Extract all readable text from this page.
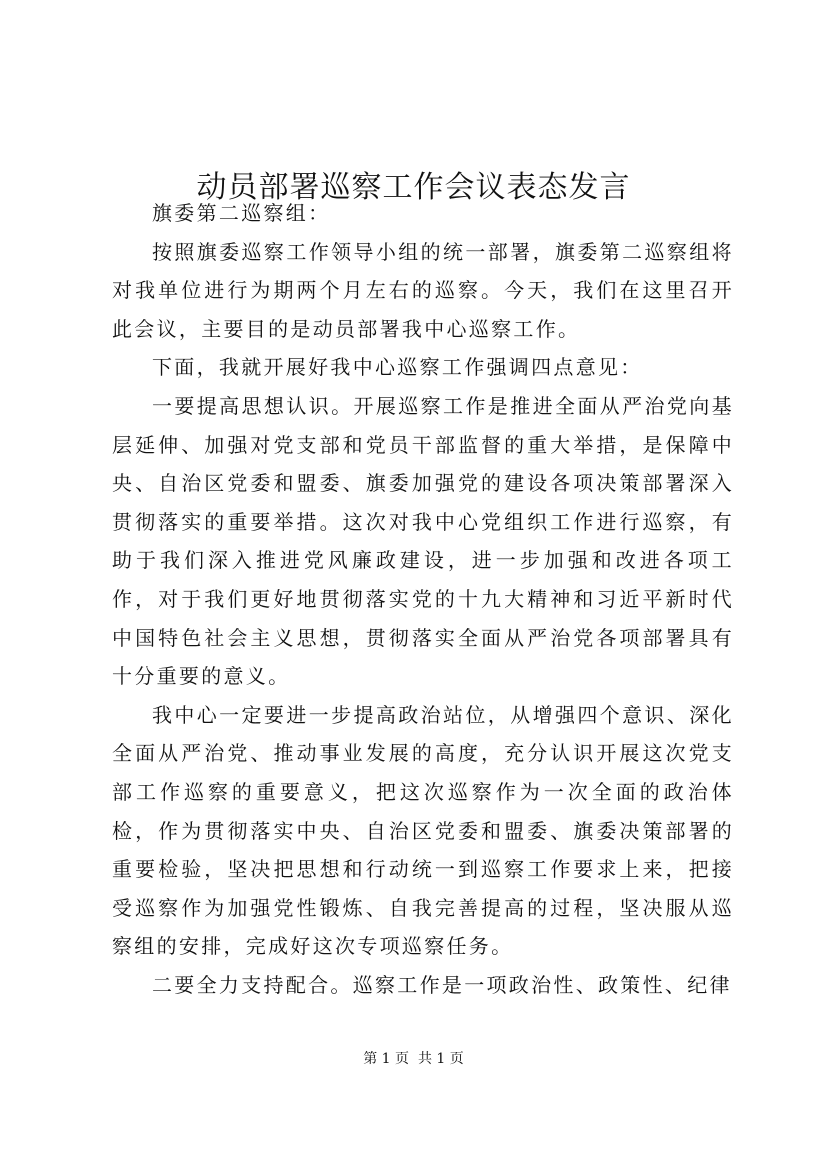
动员部署巡察工作会议表态发言

旗委第二巡察组：

按照旗委巡察工作领导小组的统一部署，旗委第二巡察组将对我单位进行为期两个月左右的巡察。今天，我们在这里召开此会议，主要目的是动员部署我中心巡察工作。

下面，我就开展好我中心巡察工作强调四点意见：

一要提高思想认识。开展巡察工作是推进全面从严治党向基层延伸、加强对党支部和党员干部监督的重大举措，是保障中央、自治区党委和盟委、旗委加强党的建设各项决策部署深入贯彻落实的重要举措。这次对我中心党组织工作进行巡察，有助于我们深入推进党风廉政建设，进一步加强和改进各项工作，对于我们更好地贯彻落实党的十九大精神和习近平新时代中国特色社会主义思想，贯彻落实全面从严治党各项部署具有十分重要的意义。

我中心一定要进一步提高政治站位，从增强四个意识、深化全面从严治党、推动事业发展的高度，充分认识开展这次党支部工作巡察的重要意义，把这次巡察作为一次全面的政治体检，作为贯彻落实中央、自治区党委和盟委、旗委决策部署的重要检验，坚决把思想和行动统一到巡察工作要求上来，把接受巡察作为加强党性锻炼、自我完善提高的过程，坚决服从巡察组的安排，完成好这次专项巡察任务。

二要全力支持配合。巡察工作是一项政治性、政策性、纪律

第 1 页  共 1 页
